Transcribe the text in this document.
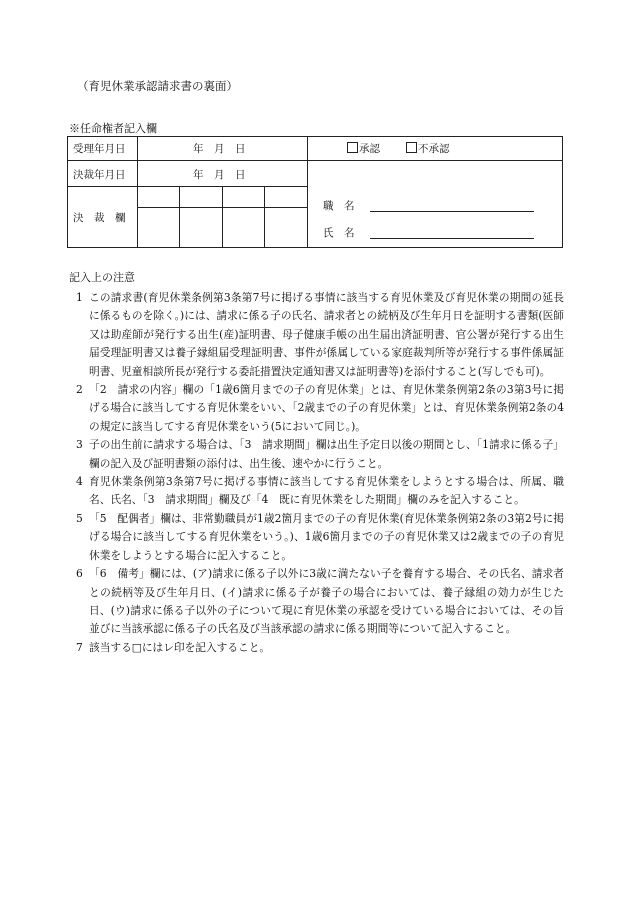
（育児休業承認請求書の裏面）
※任命権者記入欄
受理年月日	年　月　日	承認	不承認
決裁年月日	年　月　日
決　裁　欄
職　名
氏　名
記入上の注意
1 この請求書(育児休業条例第3条第7号に掲げる事情に該当する育児休業及び育児休業の期間の延長に係るものを除く。)には、請求に係る子の氏名、請求者との続柄及び生年月日を証明する書類(医師又は助産師が発行する出生(産)証明書、母子健康手帳の出生届出済証明書、官公署が発行する出生届受理証明書又は養子縁組届受理証明書、事件が係属している家庭裁判所等が発行する事件係属証明書、児童相談所長が発行する委託措置決定通知書又は証明書等)を添付すること(写しでも可)。
2 「2　請求の内容」欄の「1歳6箇月までの子の育児休業」とは、育児休業条例第2条の3第3号に掲げる場合に該当してする育児休業をいい、「2歳までの子の育児休業」とは、育児休業条例第2条の4の規定に該当してする育児休業をいう(5において同じ。)。
3 子の出生前に請求する場合は、「3　請求期間」欄は出生予定日以後の期間とし、「1請求に係る子」欄の記入及び証明書類の添付は、出生後、速やかに行うこと。
4 育児休業条例第3条第7号に掲げる事情に該当してする育児休業をしようとする場合は、所属、職名、氏名、「3　請求期間」欄及び「4　既に育児休業をした期間」欄のみを記入すること。
5 「5　配偶者」欄は、非常勤職員が1歳2箇月までの子の育児休業(育児休業条例第2条の3第2号に掲げる場合に該当してする育児休業をいう。)、1歳6箇月までの子の育児休業又は2歳までの子の育児休業をしようとする場合に記入すること。
6 「6　備考」欄には、(ア)請求に係る子以外に3歳に満たない子を養育する場合、その氏名、請求者との続柄等及び生年月日、(イ)請求に係る子が養子の場合においては、養子縁組の効力が生じた日、(ウ)請求に係る子以外の子について現に育児休業の承認を受けている場合においては、その旨並びに当該承認に係る子の氏名及び当該承認の請求に係る期間等について記入すること。
7 該当する□にはレ印を記入すること。
